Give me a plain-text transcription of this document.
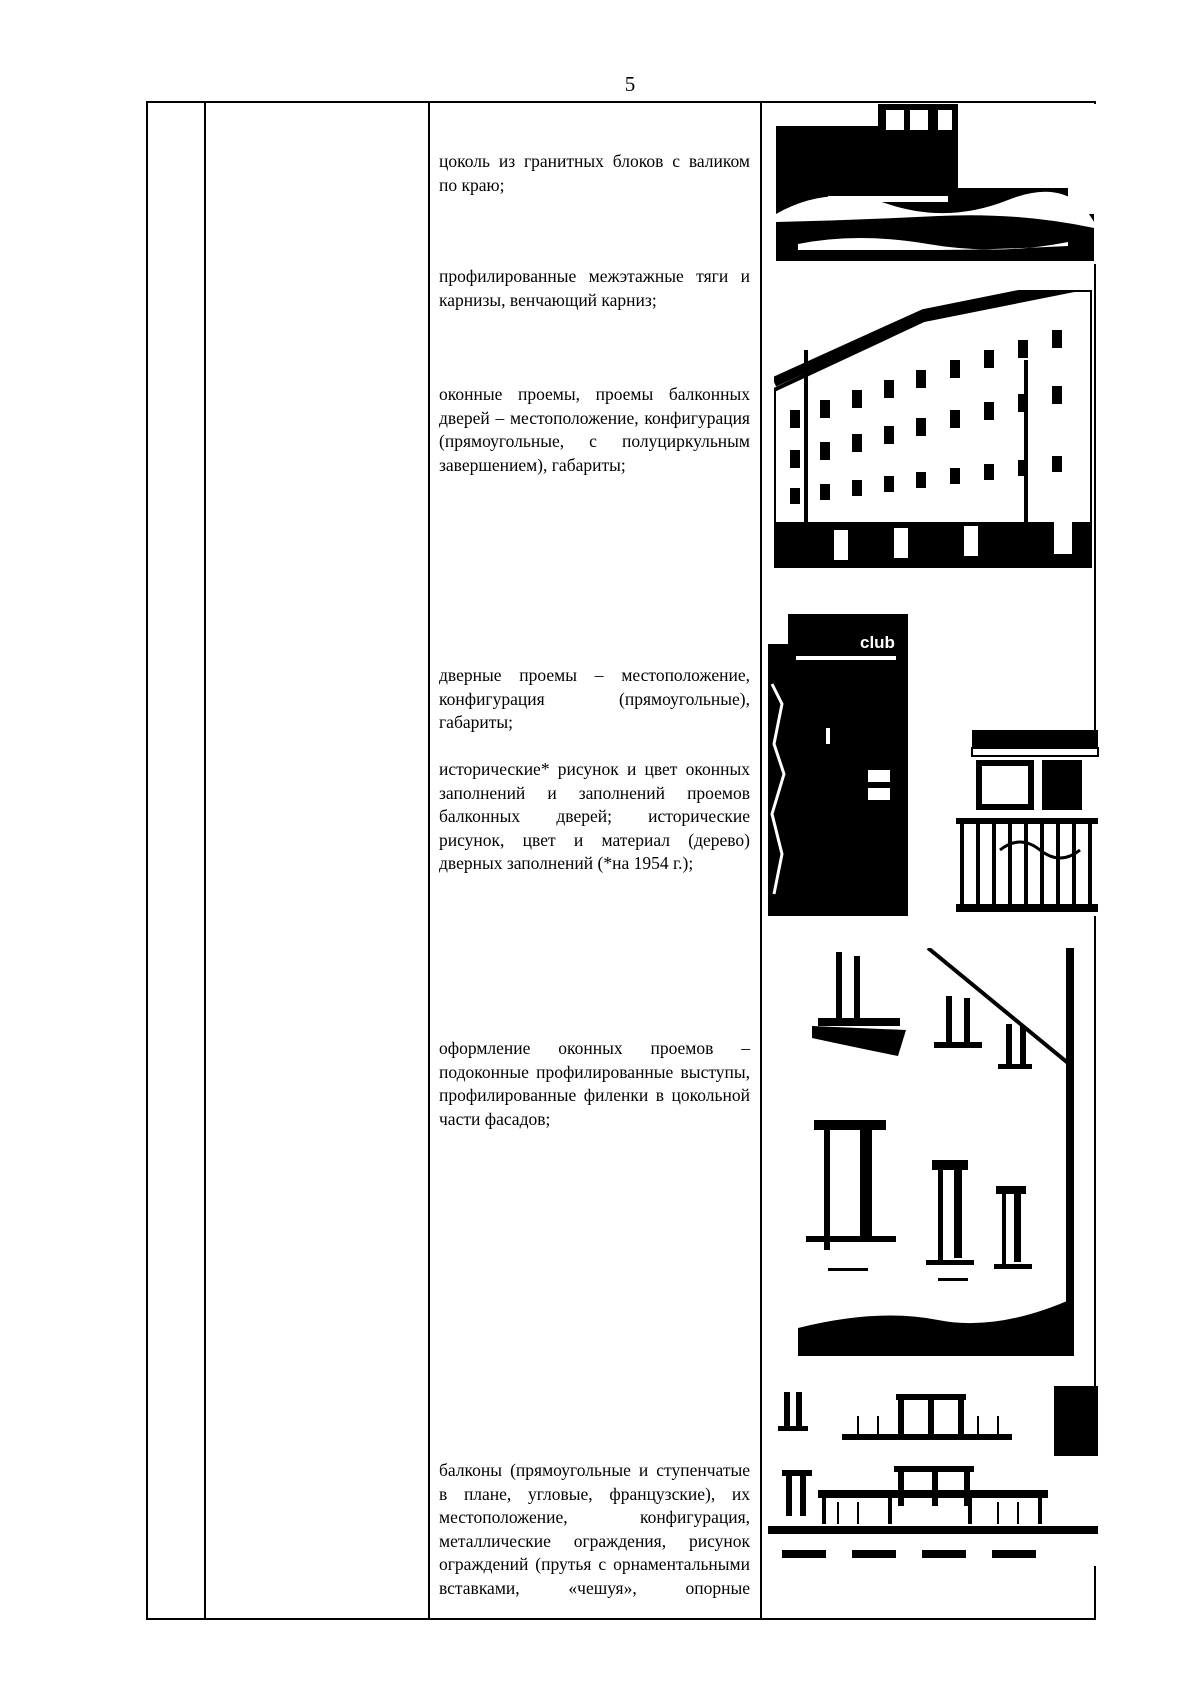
5
цоколь из гранитных блоков с валиком по краю;
профилированные межэтажные тяги и карнизы, венчающий карниз;
оконные проемы, проемы балконных дверей – местоположение, конфигурация (прямоугольные, с полуциркульным завершением), габариты;
дверные проемы – местоположение, конфигурация (прямоугольные), габариты;
исторические* рисунок и цвет оконных заполнений и заполнений проемов балконных дверей; исторические рисунок, цвет и материал (дерево) дверных заполнений (*на 1954 г.);
оформление оконных проемов – подоконные профилированные выступы, профилированные филенки в цокольной части фасадов;
балконы (прямоугольные и ступенчатые в плане, угловые, французские), их местоположение, конфигурация, металлические ограждения, рисунок ограждений (прутья с орнаментальными вставками, «чешуя», опорные
club
